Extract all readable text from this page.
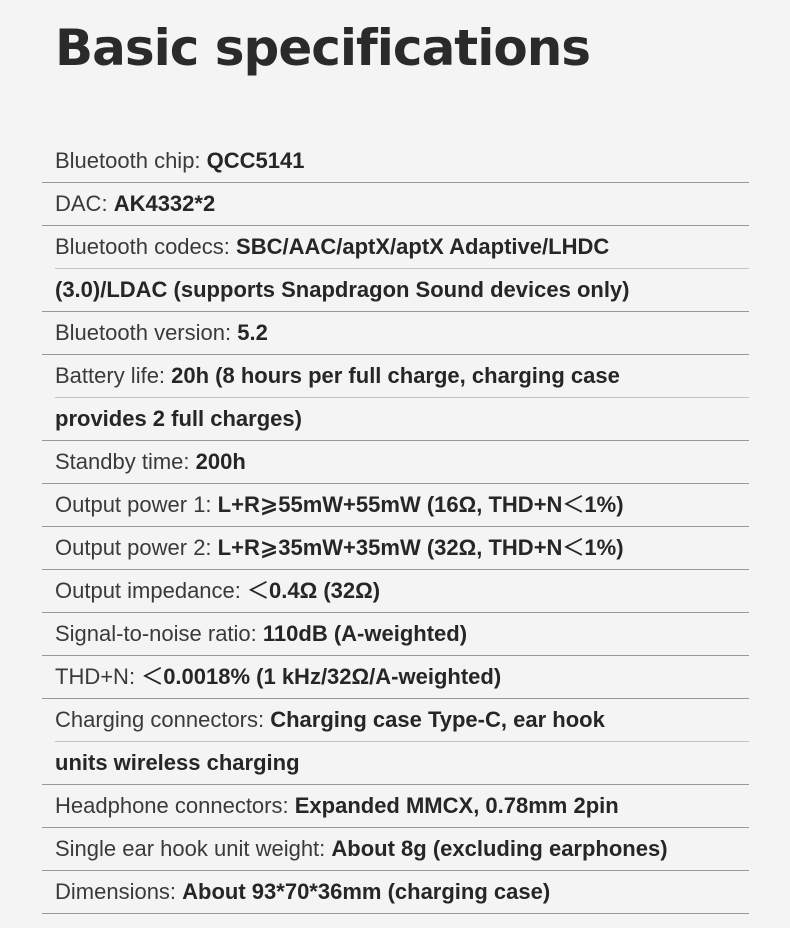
Basic specifications
Bluetooth chip: QCC5141
DAC: AK4332*2
Bluetooth codecs: SBC/AAC/aptX/aptX Adaptive/LHDC
(3.0)/LDAC (supports Snapdragon Sound devices only)
Bluetooth version: 5.2
Battery life: 20h (8 hours per full charge, charging case
provides 2 full charges)
Standby time: 200h
Output power 1: L+R⩾55mW+55mW (16Ω, THD+N＜1%)
Output power 2: L+R⩾35mW+35mW (32Ω, THD+N＜1%)
Output impedance: ＜0.4Ω (32Ω)
Signal-to-noise ratio: 110dB (A-weighted)
THD+N: ＜0.0018% (1 kHz/32Ω/A-weighted)
Charging connectors: Charging case Type-C, ear hook
units wireless charging
Headphone connectors: Expanded MMCX, 0.78mm 2pin
Single ear hook unit weight: About 8g (excluding earphones)
Dimensions: About 93*70*36mm (charging case)
